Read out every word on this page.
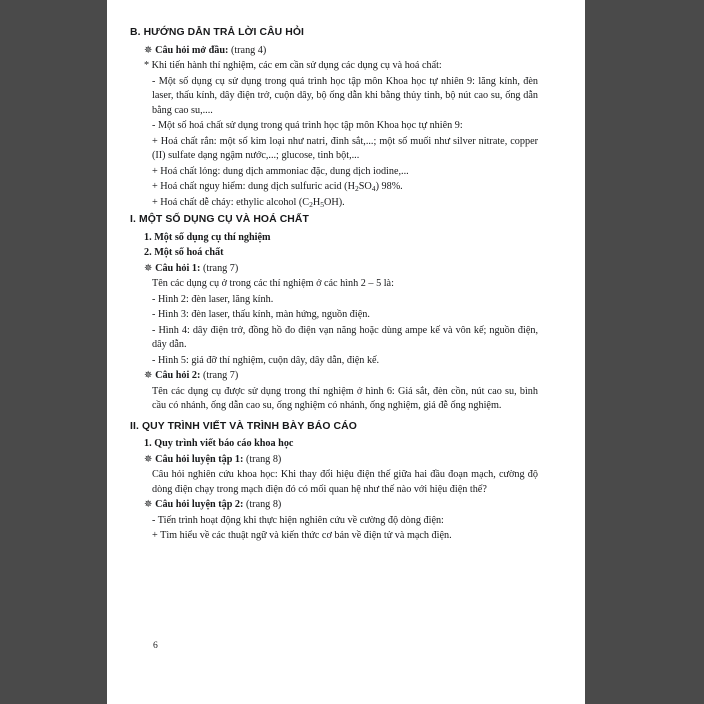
B. HƯỚNG DẪN TRẢ LỜI CÂU HỎI
✵ Câu hỏi mở đầu: (trang 4)
* Khi tiến hành thí nghiệm, các em cần sử dụng các dụng cụ và hoá chất:
- Một số dụng cụ sử dụng trong quá trình học tập môn Khoa học tự nhiên 9: lăng kính, đèn laser, thấu kính, dây điện trở, cuộn dây, bộ ống dẫn khi bằng thủy tinh, bộ nút cao su, ống dẫn bằng cao su,....
- Một số hoá chất sử dụng trong quá trình học tập môn Khoa học tự nhiên 9:
+ Hoá chất rắn: một số kim loại như natri, đinh sắt,...; một số muối như silver nitrate, copper (II) sulfate dạng ngậm nước,...; glucose, tinh bột,...
+ Hoá chất lỏng: dung dịch ammoniac đặc, dung dịch iodine,...
+ Hoá chất nguy hiểm: dung dịch sulfuric acid $(H_2SO_4)$ 98%.
+ Hoá chất dễ cháy: ethylic alcohol $(C_2H_5OH)$.
I. MỘT SỐ DỤNG CỤ VÀ HOÁ CHẤT
1. Một số dụng cụ thí nghiệm
2. Một số hoá chất
✵ Câu hỏi 1: (trang 7)
Tên các dụng cụ ở trong các thí nghiệm ở các hình 2 – 5 là:
- Hình 2: đèn laser, lăng kính.
- Hình 3: đèn laser, thấu kính, màn hứng, nguồn điện.
- Hình 4: dây điện trở, đồng hồ đo điện vạn năng hoặc dùng ampe kế và vôn kế; nguồn điện, dây dẫn.
- Hình 5: giá đỡ thí nghiệm, cuộn dây, dây dẫn, điện kế.
✵ Câu hỏi 2: (trang 7)
Tên các dụng cụ được sử dụng trong thí nghiệm ở hình 6: Giá sắt, đèn cồn, nút cao su, bình cầu có nhánh, ống dẫn cao su, ống nghiệm có nhánh, ống nghiệm, giá đễ ống nghiệm.
II. QUY TRÌNH VIẾT VÀ TRÌNH BÀY BÁO CÁO
1. Quy trình viết báo cáo khoa học
✵ Câu hỏi luyện tập 1: (trang 8)
Câu hỏi nghiên cứu khoa học: Khi thay đổi hiệu điện thế giữa hai đầu đoạn mạch, cường độ dòng điện chạy trong mạch điện đó có mối quan hệ như thế nào với hiệu điện thế?
✵ Câu hỏi luyện tập 2: (trang 8)
- Tiến trình hoạt động khi thực hiện nghiên cứu về cường độ dòng điện:
+ Tìm hiểu về các thuật ngữ và kiến thức cơ bản về điện tử và mạch điện.
6
